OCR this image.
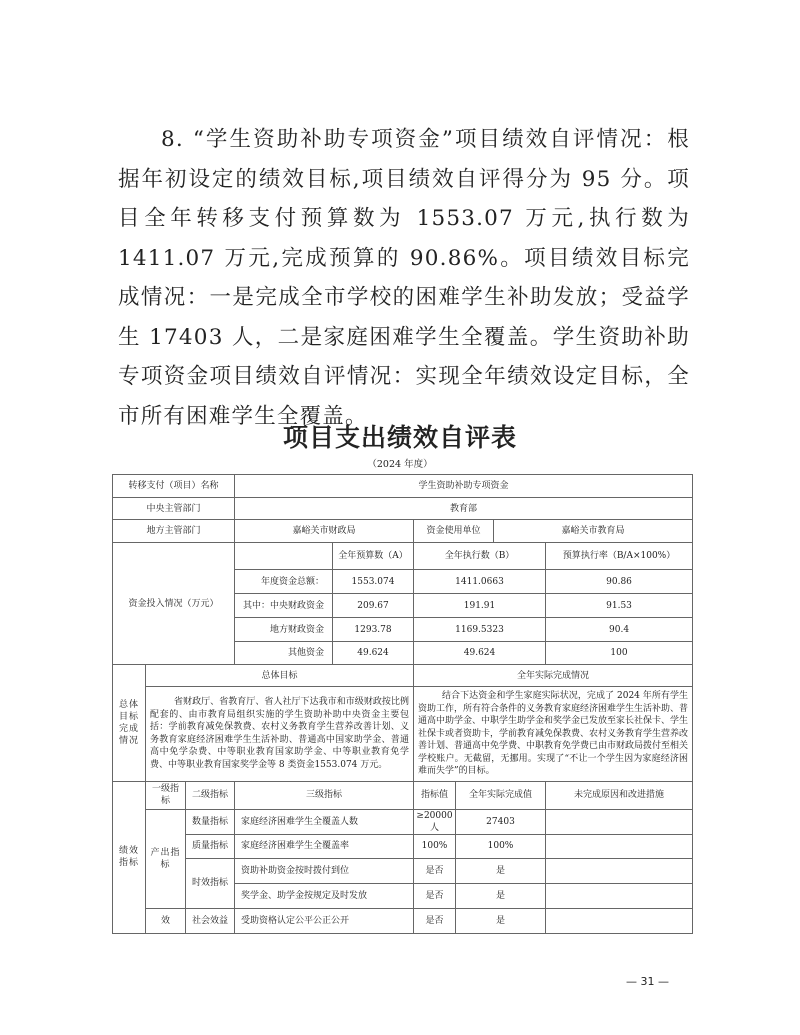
8. “学生资助补助专项资金”项目绩效自评情况：根据年初设定的绩效目标,项目绩效自评得分为 95 分。项目全年转移支付预算数为 1553.07 万元,执行数为 1411.07 万元,完成预算的 90.86%。项目绩效目标完成情况：一是完成全市学校的困难学生补助发放；受益学生 17403 人，二是家庭困难学生全覆盖。学生资助补助专项资金项目绩效自评情况：实现全年绩效设定目标，全市所有困难学生全覆盖。

项目支出绩效自评表
（2024 年度）
转移支付（项目）名称			学生资助补助专项资金					
中央主管部门			教育部					
地方主管部门			嘉峪关市财政局		资金使用单位		嘉峪关市教育局	
资金投入情况（万元）				全年预算数（A）	全年执行数（B）			预算执行率（B/A×100%）
			年度资金总额：	1553.074	1411.0663			90.86
			其中：中央财政资金	209.67	191.91			91.53
			地方财政资金	1293.78	1169.5323			90.4
			其他资金	49.624	49.624			100
总体目标完成情况	总体目标				全年实际完成情况			

	省财政厅、省教育厅、省人社厅下达我市和市级财政按比例配套的、由市教育局组织实施的学生资助补助中央资金主要包括：学前教育减免保教费、农村义务教育学生营养改善计划、义务教育家庭经济困难学生生活补助、普通高中国家助学金、普通高中免学杂费、中等职业教育国家助学金、中等职业教育免学费、中等职业教育国家奖学金等 8 类资金1553.074 万元。				结合下达资金和学生家庭实际状况，完成了 2024 年所有学生资助工作，所有符合条件的义务教育家庭经济困难学生生活补助、普通高中助学金、中职学生助学金和奖学金已发放至家长社保卡、学生社保卡或者资助卡，学前教育减免保教费、农村义务教育学生营养改善计划、普通高中免学费、中职教育免学费已由市财政局拨付至相关学校账户。无截留，无挪用。实现了“不让一个学生因为家庭经济困难而失学”的目标。			

绩效指标	一级指标	二级指标	三级指标		指标值	全年实际完成值		未完成原因和改进措施
	产出指标	数量指标	家庭经济困难学生全覆盖人数		≥20000 人	27403		
		质量指标	家庭经济困难学生全覆盖率		100%	100%		
		时效指标	资助补助资金按时拨付到位		是否	是		
			奖学金、助学金按规定及时发放		是否	是		
	效	社会效益	受助资格认定公平公正公开		是否	是		
— 31 —
